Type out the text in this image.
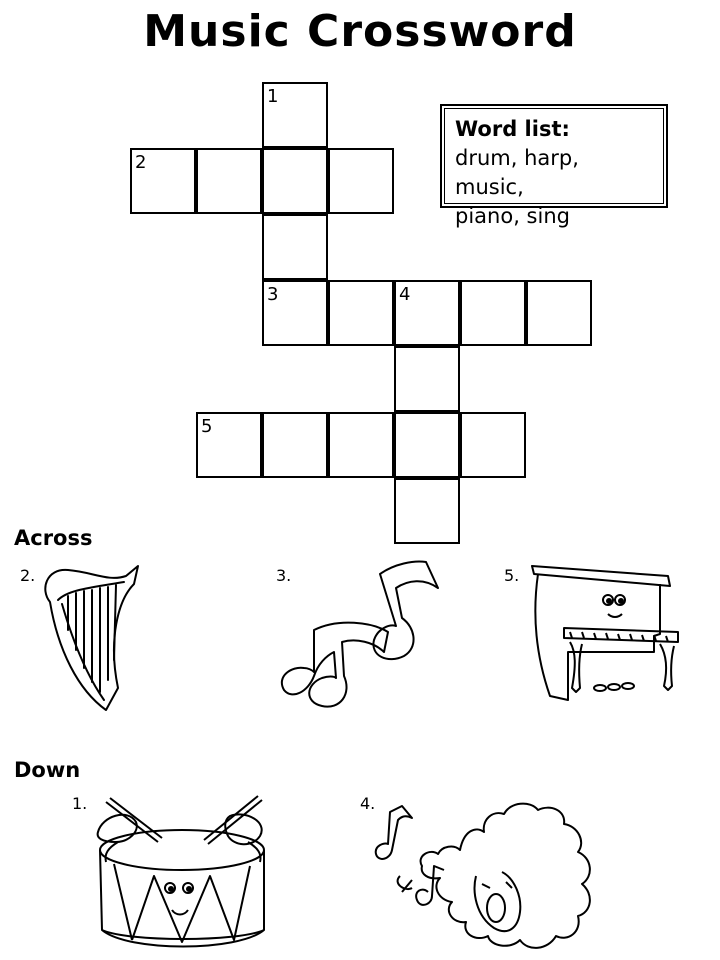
Music Crossword
1
2
3	4
5
Word list:
drum, harp, music,
piano, sing
Across
2.	3.	5.
Down
1.	4.
